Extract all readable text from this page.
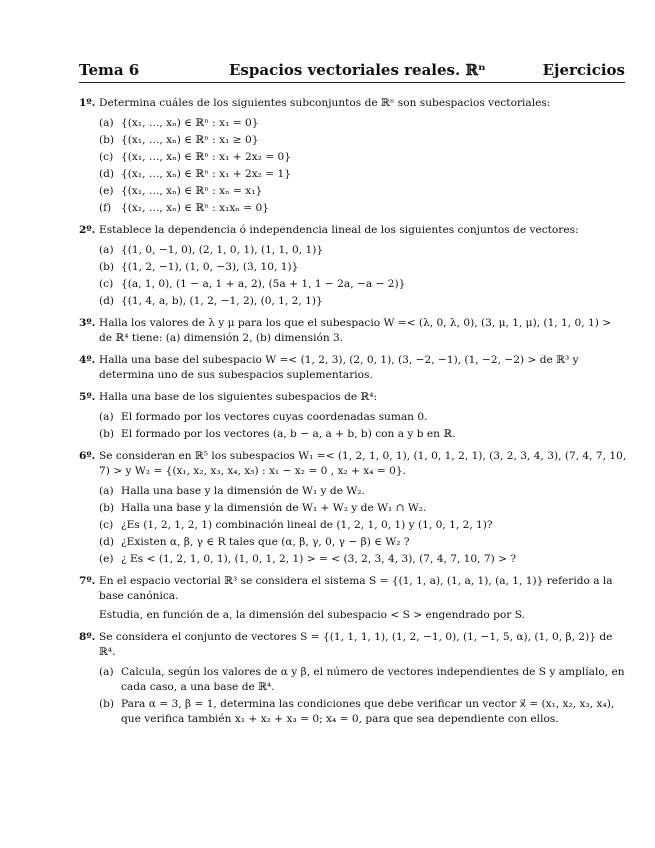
Tema 6	Espacios vectoriales reales. ℝⁿ	Ejercicios
1º. Determina cuáles de los siguientes subconjuntos de ℝⁿ son subespacios vectoriales:
(a) {(x₁, …, xₙ) ∈ ℝⁿ : x₁ = 0}
(b) {(x₁, …, xₙ) ∈ ℝⁿ : x₁ ≥ 0}
(c) {(x₁, …, xₙ) ∈ ℝⁿ : x₁ + 2x₂ = 0}
(d) {(x₁, …, xₙ) ∈ ℝⁿ : x₁ + 2x₂ = 1}
(e) {(x₁, …, xₙ) ∈ ℝⁿ : xₙ = x₁}
(f) {(x₁, …, xₙ) ∈ ℝⁿ : x₁xₙ = 0}
2º. Establece la dependencia ó independencia lineal de los siguientes conjuntos de vectores:
(a) {(1, 0, −1, 0), (2, 1, 0, 1), (1, 1, 0, 1)}
(b) {(1, 2, −1), (1, 0, −3), (3, 10, 1)}
(c) {(a, 1, 0), (1 − a, 1 + a, 2), (5a + 1, 1 − 2a, −a − 2)}
(d) {(1, 4, a, b), (1, 2, −1, 2), (0, 1, 2, 1)}
3º. Halla los valores de λ y μ para los que el subespacio W =< (λ, 0, λ, 0), (3, μ, 1, μ), (1, 1, 0, 1) > de ℝ⁴ tiene: (a) dimensión 2, (b) dimensión 3.
4º. Halla una base del subespacio W =< (1, 2, 3), (2, 0, 1), (3, −2, −1), (1, −2, −2) > de ℝ³ y determina uno de sus subespacios suplementarios.
5º. Halla una base de los siguientes subespacios de ℝ⁴:
(a) El formado por los vectores cuyas coordenadas suman 0.
(b) El formado por los vectores (a, b − a, a + b, b) con a y b en ℝ.
6º. Se consideran en ℝ⁵ los subespacios W₁ =< (1, 2, 1, 0, 1), (1, 0, 1, 2, 1), (3, 2, 3, 4, 3), (7, 4, 7, 10, 7) > y W₂ = {(x₁, x₂, x₃, x₄, x₅) : x₁ − x₂ = 0 , x₂ + x₄ = 0}.
(a) Halla una base y la dimensión de W₁ y de W₂.
(b) Halla una base y la dimensión de W₁ + W₂ y de W₁ ∩ W₂.
(c) ¿Es (1, 2, 1, 2, 1) combinación lineal de (1, 2, 1, 0, 1) y (1, 0, 1, 2, 1)?
(d) ¿Existen α, β, γ ∈ R tales que (α, β, γ, 0, γ − β) ∈ W₂ ?
(e) ¿ Es < (1, 2, 1, 0, 1), (1, 0, 1, 2, 1) > = < (3, 2, 3, 4, 3), (7, 4, 7, 10, 7) > ?
7º. En el espacio vectorial ℝ³ se considera el sistema S = {(1, 1, a), (1, a, 1), (a, 1, 1)} referido a la base canónica.
Estudia, en función de a, la dimensión del subespacio < S > engendrado por S.
8º. Se considera el conjunto de vectores S = {(1, 1, 1, 1), (1, 2, −1, 0), (1, −1, 5, α), (1, 0, β, 2)} de ℝ⁴.
(a) Calcula, según los valores de α y β, el número de vectores independientes de S y amplíalo, en cada caso, a una base de ℝ⁴.
(b) Para α = 3, β = 1, determina las condiciones que debe verificar un vector x⃗ = (x₁, x₂, x₃, x₄), que verifica también x₁ + x₂ + x₃ = 0; x₄ = 0, para que sea dependiente con ellos.
